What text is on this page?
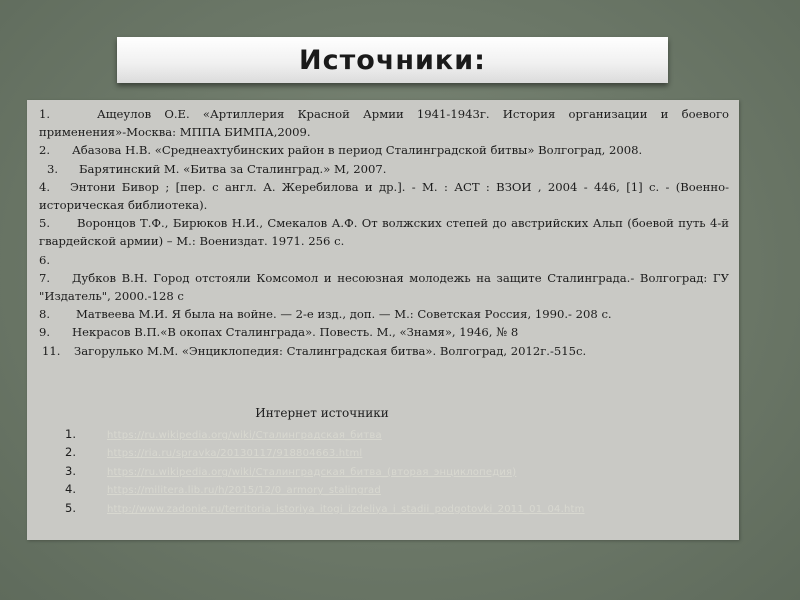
Источники:

1.	Ащеулов О.Е. «Артиллерия Красной Армии 1941-1943г. История организации и боевого применения»-Москва: МППА БИМПА,2009.

2. Абазова Н.В. «Среднеахтубинских район в период Сталинградской битвы» Волгоград, 2008.

3. Барятинский М. «Битва за Сталинград.» М, 2007.

4. Энтони Бивор ; [пер. с англ. А. Жеребилова и др.]. - М. : АСТ : ВЗОИ , 2004 - 446, [1] с. - (Военно-историческая библиотека).

5. Воронцов Т.Ф., Бирюков Н.И., Смекалов А.Ф. От волжских степей до австрийских Альп (боевой путь 4-й гвардейской армии) – М.: Воениздат. 1971. 256 с.

6.

7. Дубков В.Н. Город отстояли Комсомол и несоюзная молодежь на защите Сталинграда.- Волгоград: ГУ "Издатель", 2000.-128 с

8. Матвеева М.И. Я была на войне. — 2-е изд., доп. — М.: Советская Россия, 1990.- 208 с.

9. Некрасов В.П.«В окопах Сталинграда». Повесть. М., «Знамя», 1946, № 8

11. Загорулько М.М. «Энциклопедия: Сталинградская битва». Волгоград, 2012г.-515с.

Интернет источники
1.	https://ru.wikipedia.org/wiki/Сталинградская_битва
2.	https://ria.ru/spravka/20130117/918804663.html
3.	https://ru.wikipedia.org/wiki/Сталинградская_битва_(вторая_энциклопедия)
4.	https://militera.lib.ru/h/2015/12/0_armory_stalingrad
5.	http://www.zadonie.ru/territoria_istoriya_itogi_izdeliya_i_stadii_podgotovki_2011_01_04.htm
